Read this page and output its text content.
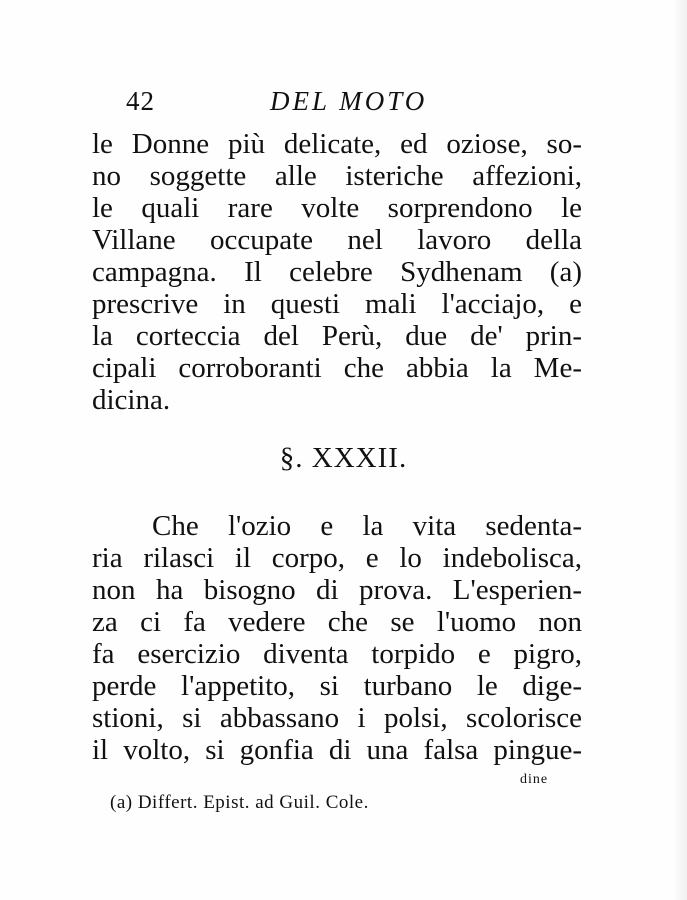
42	DEL MOTO
le Donne più delicate, ed oziose, so-
no soggette alle isteriche affezioni,
le quali rare volte sorprendono le
Villane occupate nel lavoro della
campagna. Il celebre Sydhenam (a)
prescrive in questi mali l'acciajo, e
la corteccia del Perù, due de' prin-
cipali corroboranti che abbia la Me-
dicina.
§. XXXII.
Che l'ozio e la vita sedenta-
ria rilasci il corpo, e lo indebolisca,
non ha bisogno di prova. L'esperien-
za ci fa vedere che se l'uomo non
fa esercizio diventa torpido e pigro,
perde l'appetito, si turbano le dige-
stioni, si abbassano i polsi, scolorisce
il volto, si gonfia di una falsa pingue-
dine
(a) Differt. Epist. ad Guil. Cole.
